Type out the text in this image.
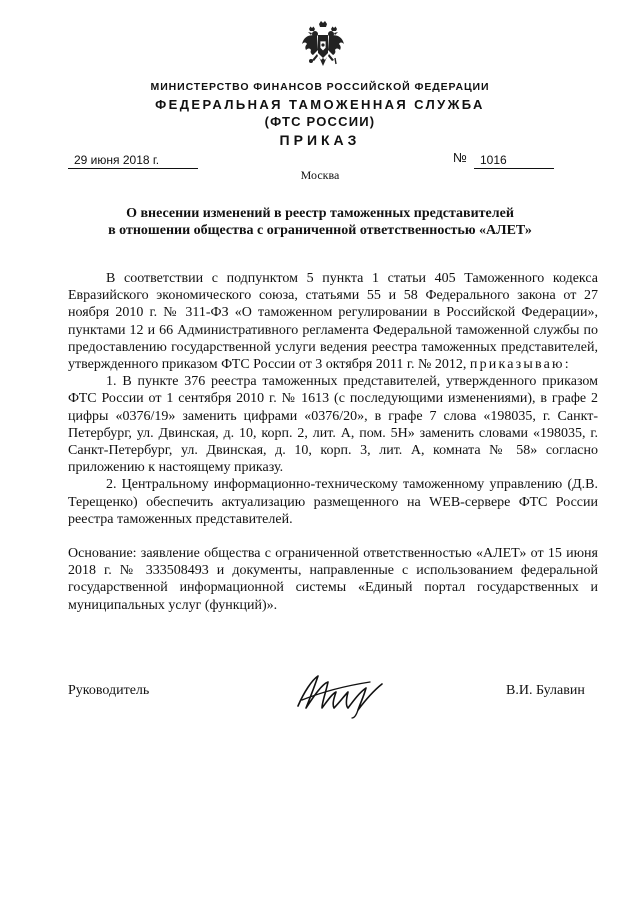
МИНИСТЕРСТВО ФИНАНСОВ РОССИЙСКОЙ ФЕДЕРАЦИИ
ФЕДЕРАЛЬНАЯ ТАМОЖЕННАЯ СЛУЖБА
(ФТС РОССИИ)
ПРИКАЗ
29 июня 2018 г.	№	1016
Москва
О внесении изменений в реестр таможенных представителей
в отношении общества с ограниченной ответственностью «АЛЕТ»

В соответствии с подпунктом 5 пункта 1 статьи 405 Таможенного кодекса Евразийского экономического союза, статьями 55 и 58 Федерального закона от 27 ноября 2010 г. № 311-ФЗ «О таможенном регулировании в Российской Федерации», пунктами 12 и 66 Административного регламента Федеральной таможенной службы по предоставлению государственной услуги ведения реестра таможенных представителей, утвержденного приказом ФТС России от 3 октября 2011 г. № 2012, приказываю:

1. В пункте 376 реестра таможенных представителей, утвержденного приказом ФТС России от 1 сентября 2010 г. № 1613 (с последующими изменениями), в графе 2 цифры «0376/19» заменить цифрами «0376/20», в графе 7 слова «198035, г. Санкт-Петербург, ул. Двинская, д. 10, корп. 2, лит. А, пом. 5Н» заменить словами «198035, г. Санкт-Петербург, ул. Двинская, д. 10, корп. 3, лит. А, комната № 58» согласно приложению к настоящему приказу.

2. Центральному информационно-техническому таможенному управлению (Д.В. Терещенко) обеспечить актуализацию размещенного на WEB-сервере ФТС России реестра таможенных представителей.

Основание: заявление общества с ограниченной ответственностью «АЛЕТ» от 15 июня 2018 г. № 333508493 и документы, направленные с использованием федеральной государственной информационной системы «Единый портал государственных и муниципальных услуг (функций)».

Руководитель	В.И. Булавин
